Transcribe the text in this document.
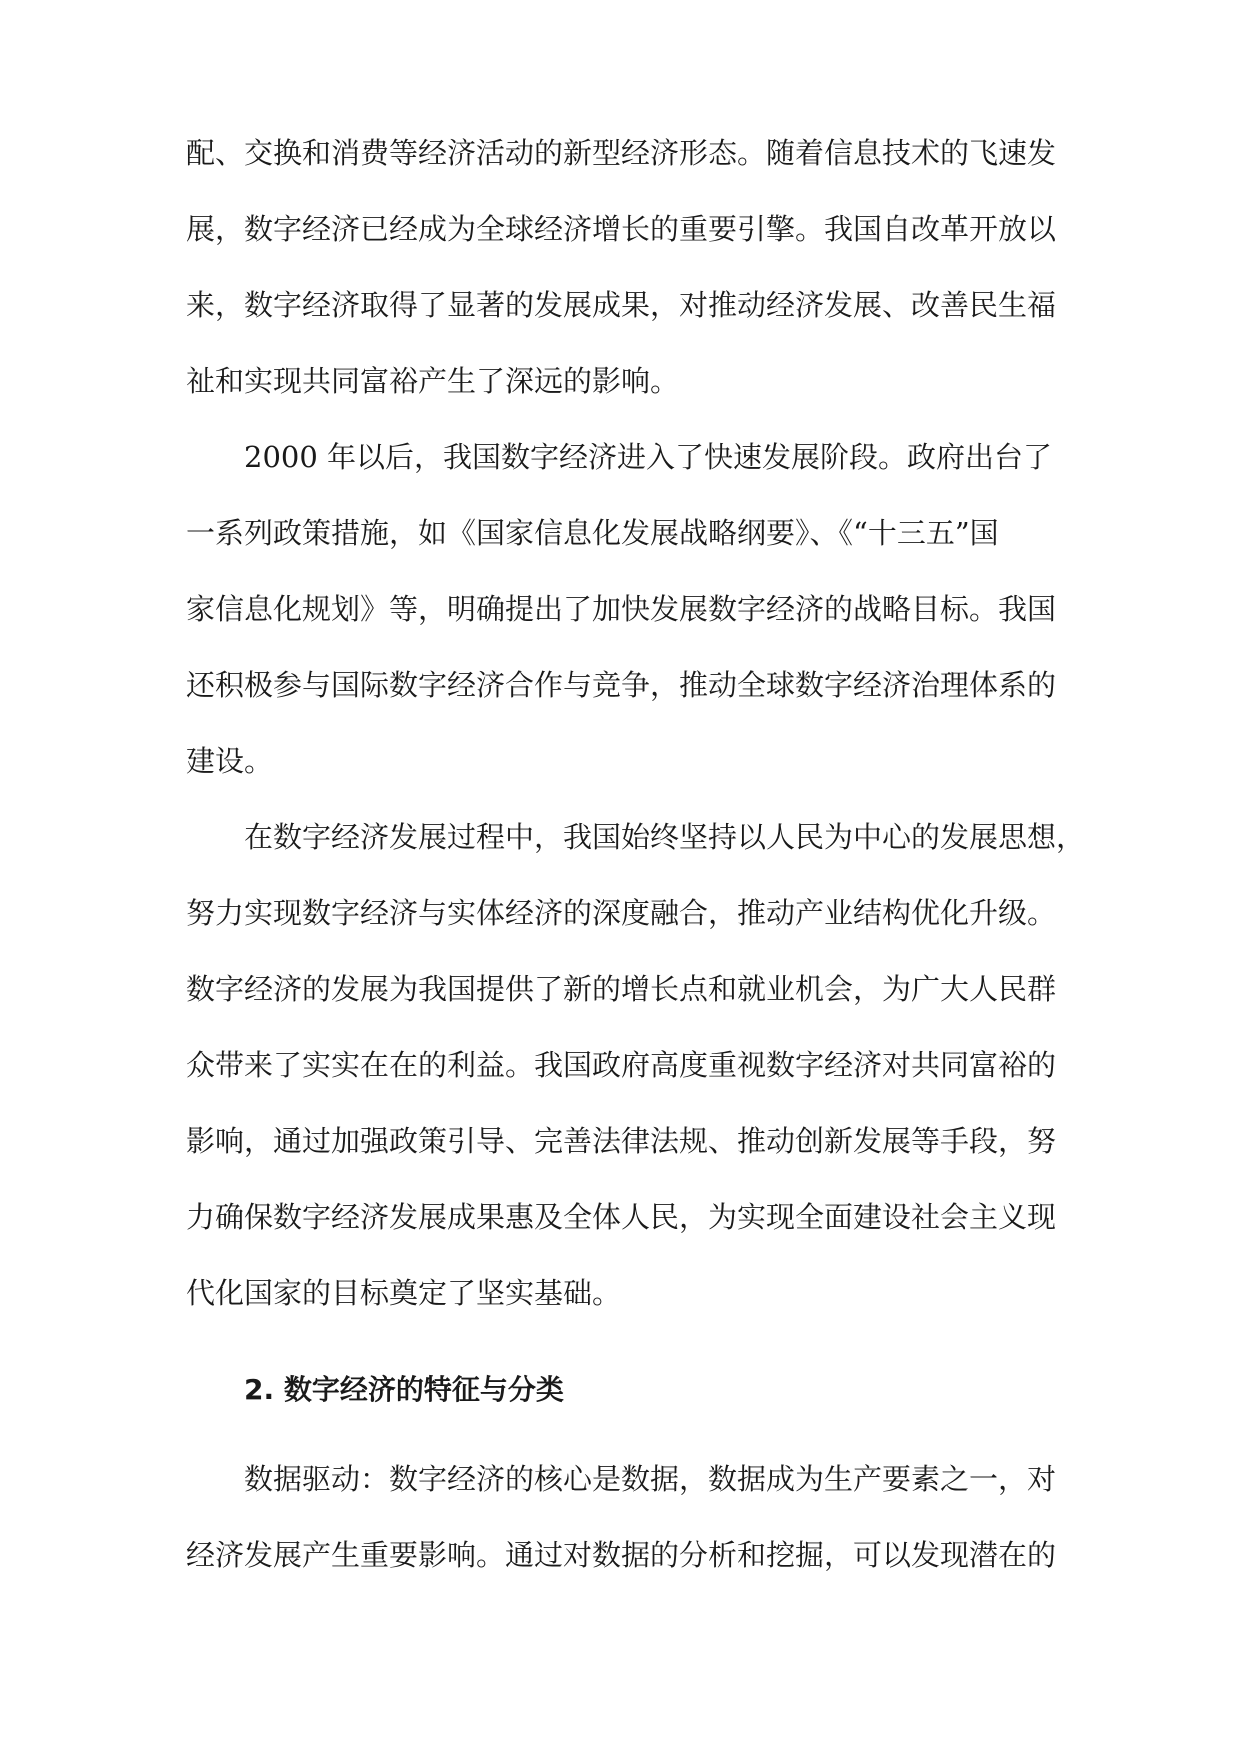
配、交换和消费等经济活动的新型经济形态。随着信息技术的飞速发
展，数字经济已经成为全球经济增长的重要引擎。我国自改革开放以
来，数字经济取得了显著的发展成果，对推动经济发展、改善民生福
祉和实现共同富裕产生了深远的影响。
2000 年以后，我国数字经济进入了快速发展阶段。政府出台了
一系列政策措施，如《国家信息化发展战略纲要》、《“十三五”国
家信息化规划》等，明确提出了加快发展数字经济的战略目标。我国
还积极参与国际数字经济合作与竞争，推动全球数字经济治理体系的
建设。
在数字经济发展过程中，我国始终坚持以人民为中心的发展思想，
努力实现数字经济与实体经济的深度融合，推动产业结构优化升级。
数字经济的发展为我国提供了新的增长点和就业机会，为广大人民群
众带来了实实在在的利益。我国政府高度重视数字经济对共同富裕的
影响，通过加强政策引导、完善法律法规、推动创新发展等手段，努
力确保数字经济发展成果惠及全体人民，为实现全面建设社会主义现
代化国家的目标奠定了坚实基础。
2. 数字经济的特征与分类
数据驱动：数字经济的核心是数据，数据成为生产要素之一，对
经济发展产生重要影响。通过对数据的分析和挖掘，可以发现潜在的
